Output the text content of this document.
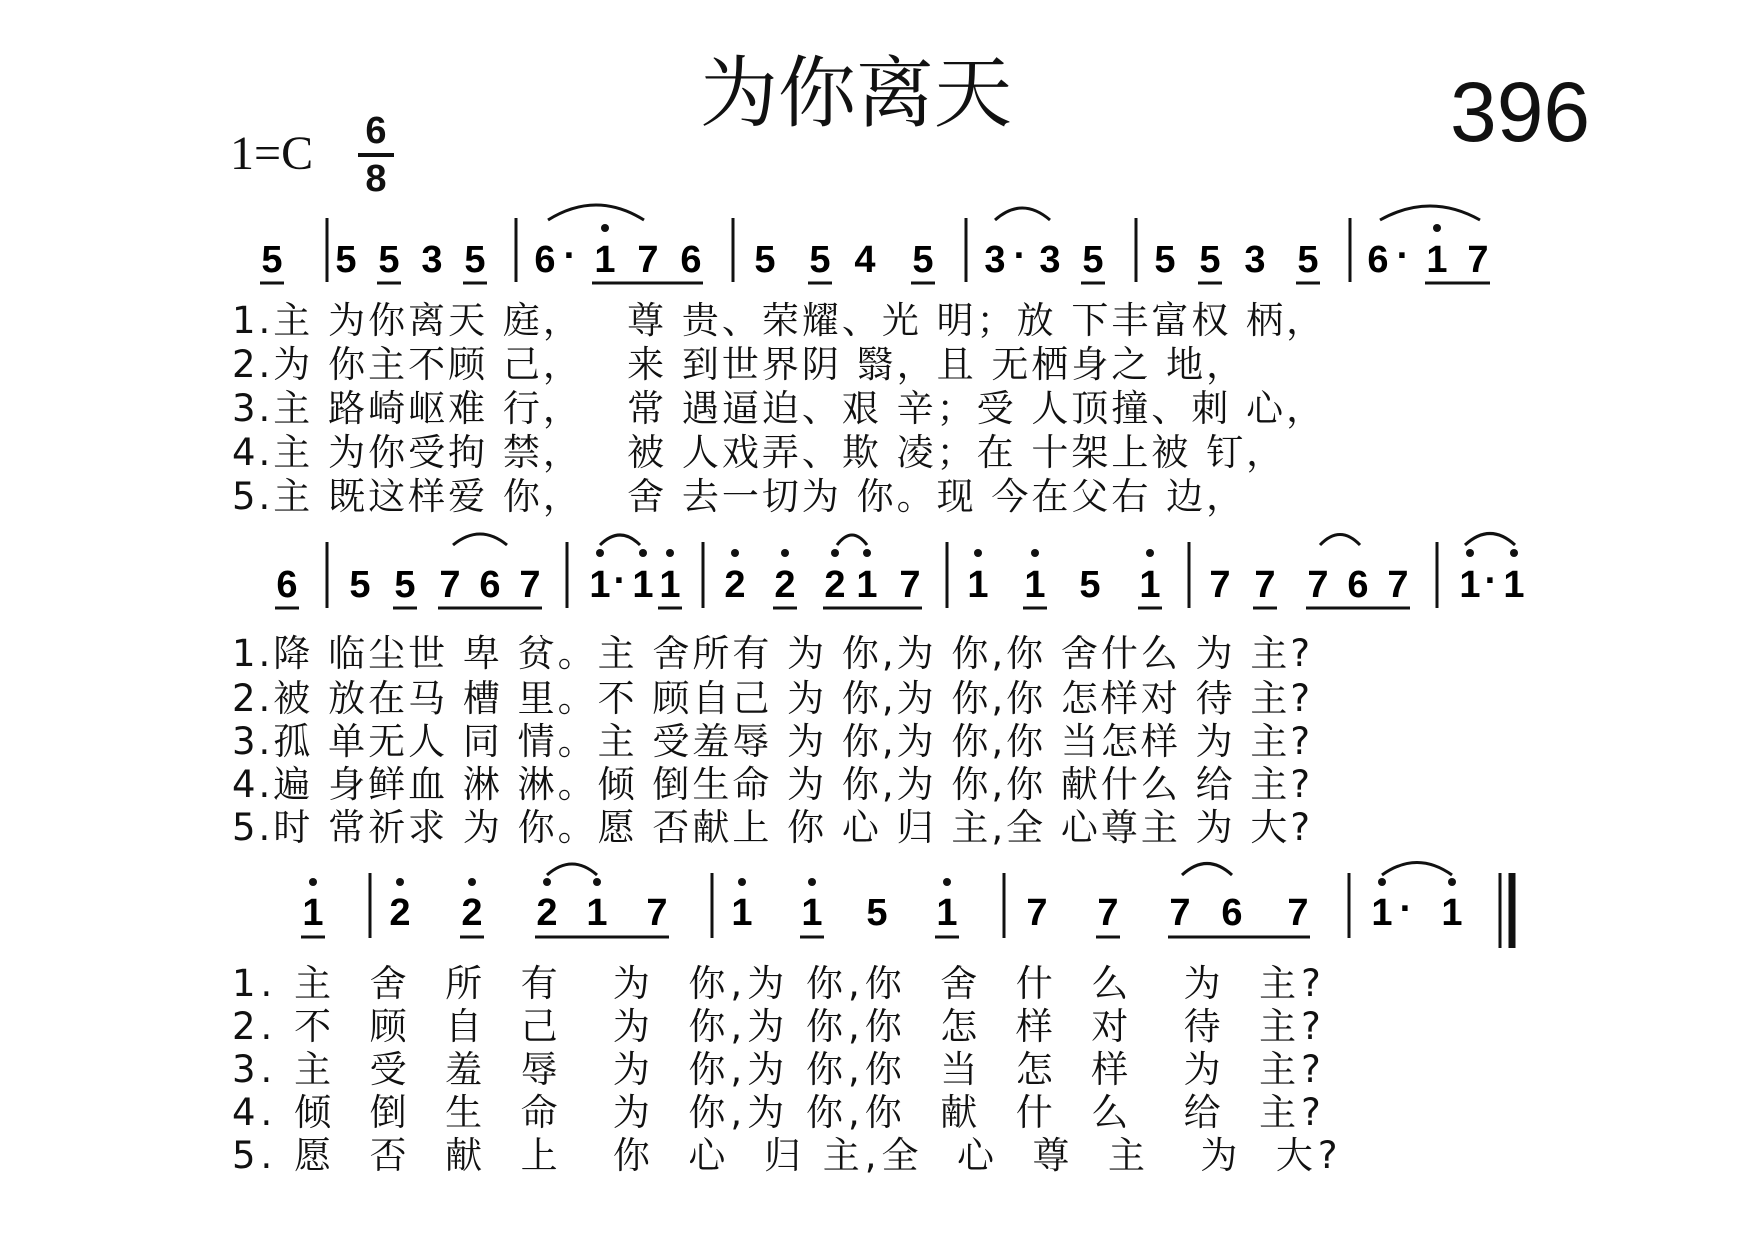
为你离天	396
1=C 6
8
5 5 5 3 5 6 · 1 7 6 5 5 4 5 3 · 3 5 5 5 3 5 6 · 1 7

1.主 为你离天 庭，   尊 贵、荣耀、光 明；放 下丰富权 柄，

2.为 你主不顾 己，   来 到世界阴 翳，且 无栖身之 地，

3.主 路崎岖难 行，   常 遇逼迫、艰 辛；受 人顶撞、刺 心，

4.主 为你受拘 禁，   被 人戏弄、欺 凌；在 十架上被 钉，

5.主 既这样爱 你，   舍 去一切为 你。现 今在父右 边，

6 5 5 7 6 7 1 · 1 1 2 2 2 1 7 1 1 5 1 7 7 7 6 7 1 · 1

1.降 临尘世 卑 贫。主 舍所有 为 你,为 你,你 舍什么 为 主?

2.被 放在马 槽 里。不 顾自己 为 你,为 你,你 怎样对 待 主?

3.孤 单无人 同 情。主 受羞辱 为 你,为 你,你 当怎样 为 主?

4.遍 身鲜血 淋 淋。倾 倒生命 为 你,为 你,你 献什么 给 主?

5.时 常祈求 为 你。愿 否献上 你 心 归 主,全 心尊主 为 大?

1 2 2 2 1 7 1 1 5 1 7 7 7 6 7 1 · 1

1. 主  舍  所  有   为  你,为 你,你  舍  什  么   为  主?

2. 不  顾  自  己   为  你,为 你,你  怎  样  对   待  主?

3. 主  受  羞  辱   为  你,为 你,你  当  怎  样   为  主?

4. 倾  倒  生  命   为  你,为 你,你  献  什  么   给  主?

5. 愿  否  献  上   你  心  归 主,全  心  尊  主   为  大?
